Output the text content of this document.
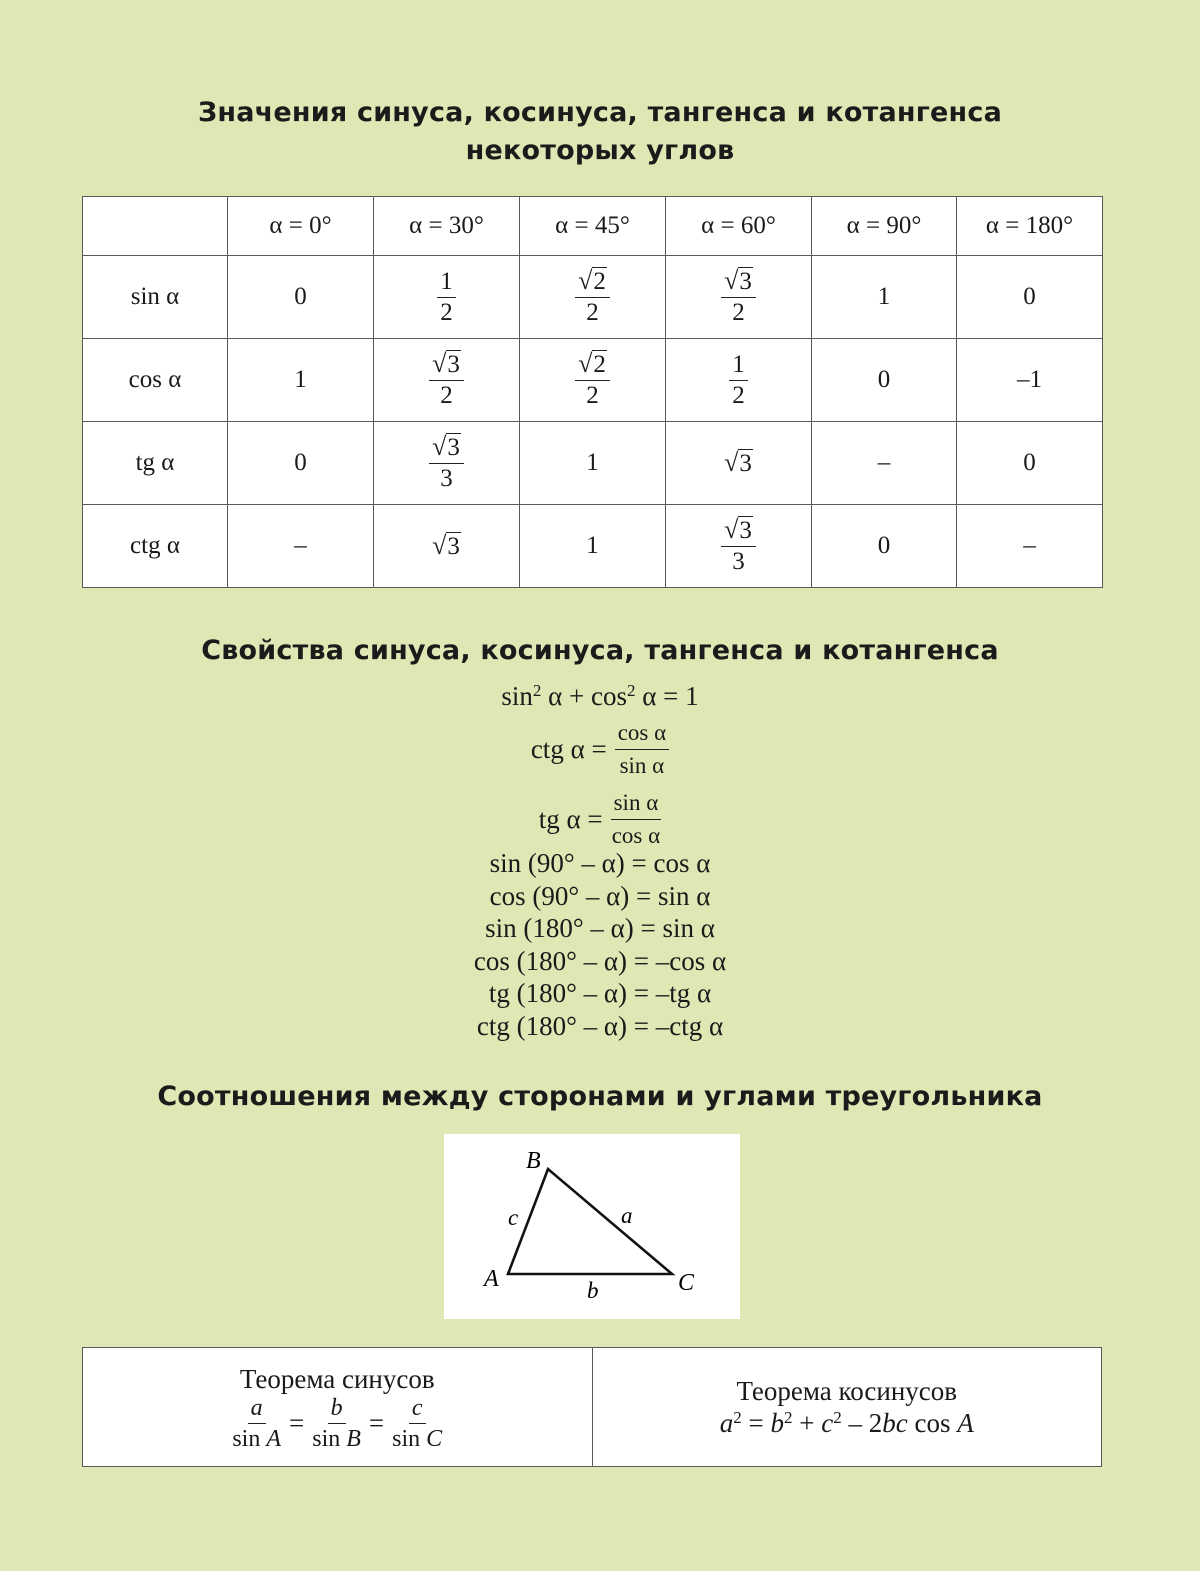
Значения синуса, косинуса, тангенса и котангенса
некоторых углов
	α = 0°	α = 30°	α = 45°	α = 60°	α = 90°	α = 180°
sin α	0	$\frac{1}{2}$	$\frac{√2}{2}$	$\frac{√3}{2}$	1	0
cos α	1	$\frac{√3}{2}$	$\frac{√2}{2}$	$\frac{1}{2}$	0	–1
tg α	0	$\frac{√3}{3}$	1	√3	–	0
ctg α	–	√3	1	$\frac{√3}{3}$	0	–
Свойства синуса, косинуса, тангенса и котангенса
$\sin^2 \alpha + \cos^2 \alpha = 1$
ctg $\alpha = \frac{\text{cos α}}{\text{sin α}}$
tg $\alpha = \frac{\text{sin α}}{\text{cos α}}$
sin (90° – α) = cos α
cos (90° – α) = sin α
sin (180° – α) = sin α
cos (180° – α) = –cos α
tg (180° – α) = –tg α
ctg (180° – α) = –ctg α
Соотношения между сторонами и углами треугольника
B
A	C
c	a
b
Теорема синусов
$\frac{a}{\text{sin A}} = \frac{b}{\text{sin B}} = \frac{c}{\text{sin C}}$

Теорема косинусов
$a^2 = b^2 + c^2 - 2bc$ cos A
